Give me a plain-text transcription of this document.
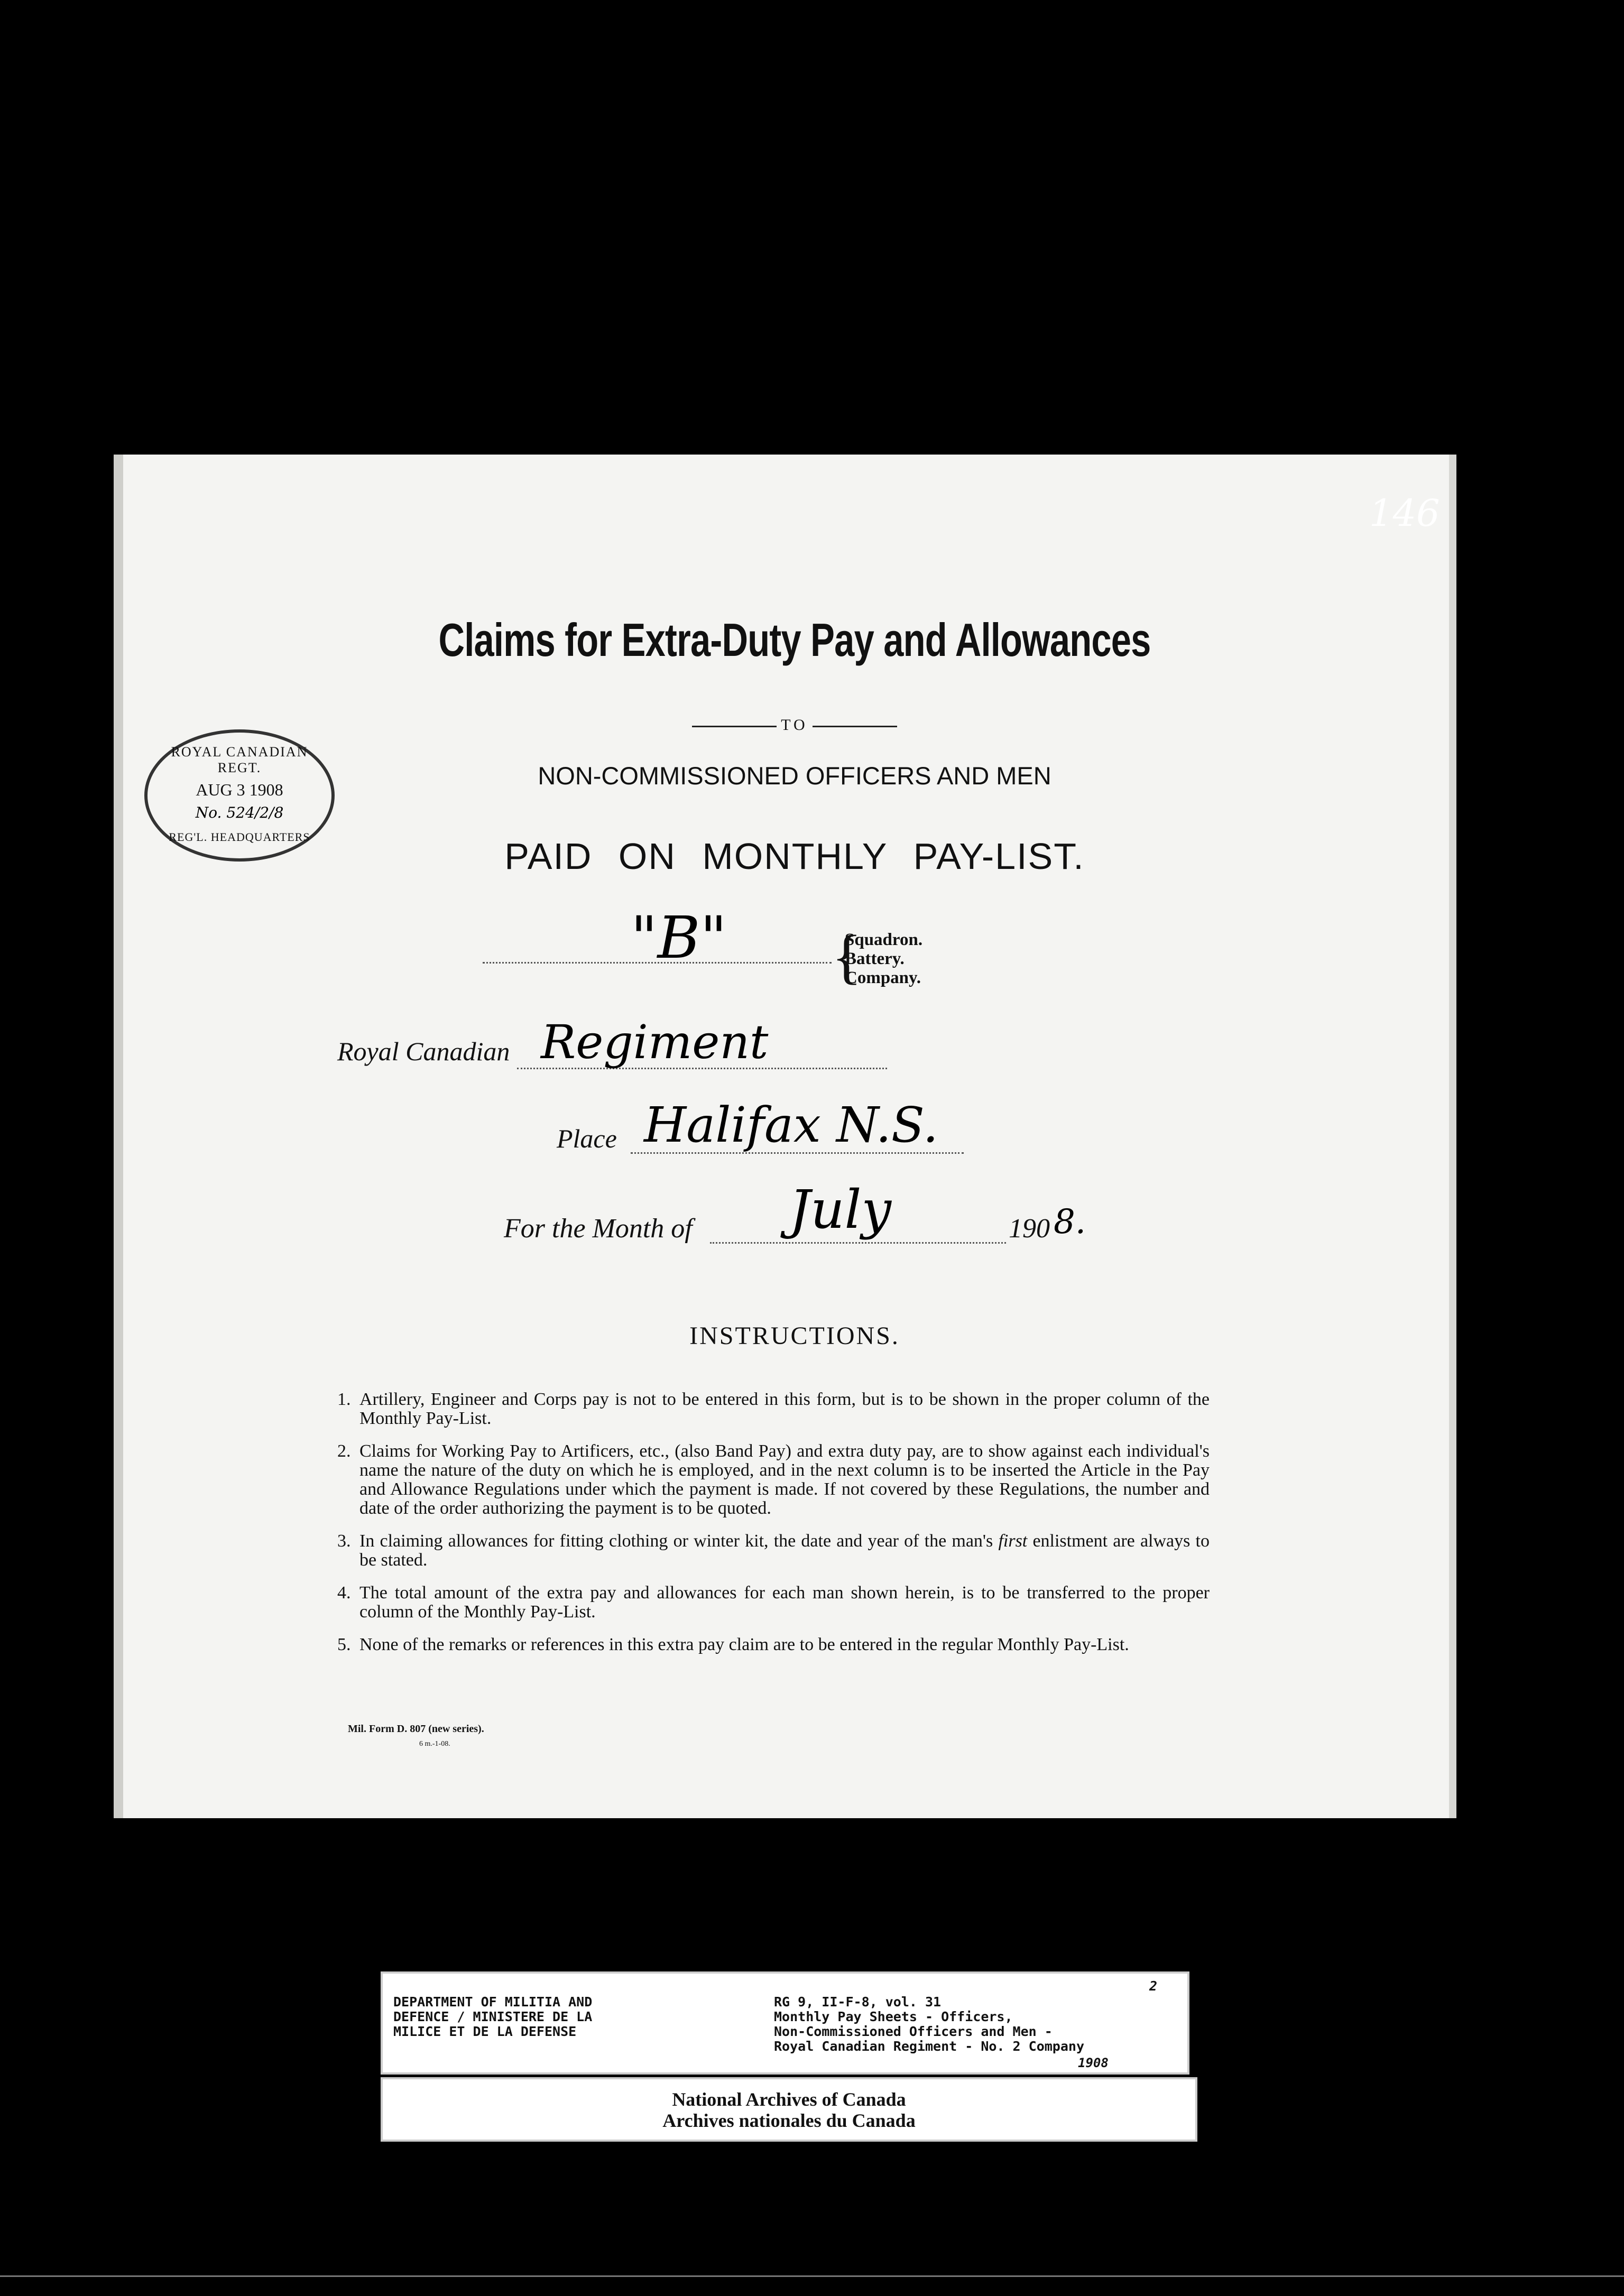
ROYAL CANADIAN REGT.
AUG 3 1908
No. 524/2/8
REG'L. HEADQUARTERS
Claims for Extra-Duty Pay and Allowances
TO
NON-COMMISSIONED OFFICERS AND MEN
PAID ON MONTHLY PAY-LIST.
"B" {
Squadron.
Battery.
Company.
Royal Canadian Regiment
Place Halifax N.S.
For the Month of July	190 8.
INSTRUCTIONS.
1. Artillery, Engineer and Corps pay is not to be entered in this form, but is to be shown in the proper column of the Monthly Pay-List.
2. Claims for Working Pay to Artificers, etc., (also Band Pay) and extra duty pay, are to show against each individual's name the nature of the duty on which he is employed, and in the next column is to be inserted the Article in the Pay and Allowance Regulations under which the payment is made. If not covered by these Regulations, the number and date of the order authorizing the payment is to be quoted.
3. In claiming allowances for fitting clothing or winter kit, the date and year of the man's first enlistment are always to be stated.
4. The total amount of the extra pay and allowances for each man shown herein, is to be transferred to the proper column of the Monthly Pay-List.
5. None of the remarks or references in this extra pay claim are to be entered in the regular Monthly Pay-List.
Mil. Form D. 807 (new series).
6 m.-1-08.
146
DEPARTMENT OF MILITIA AND
DEFENCE / MINISTERE DE LA
MILICE ET DE LA DEFENSE
RG 9, II-F-8, vol. 31
Monthly Pay Sheets - Officers,
Non-Commissioned Officers and Men -
Royal Canadian Regiment - No. 2 Company
2
1908
National Archives of Canada
Archives nationales du Canada
